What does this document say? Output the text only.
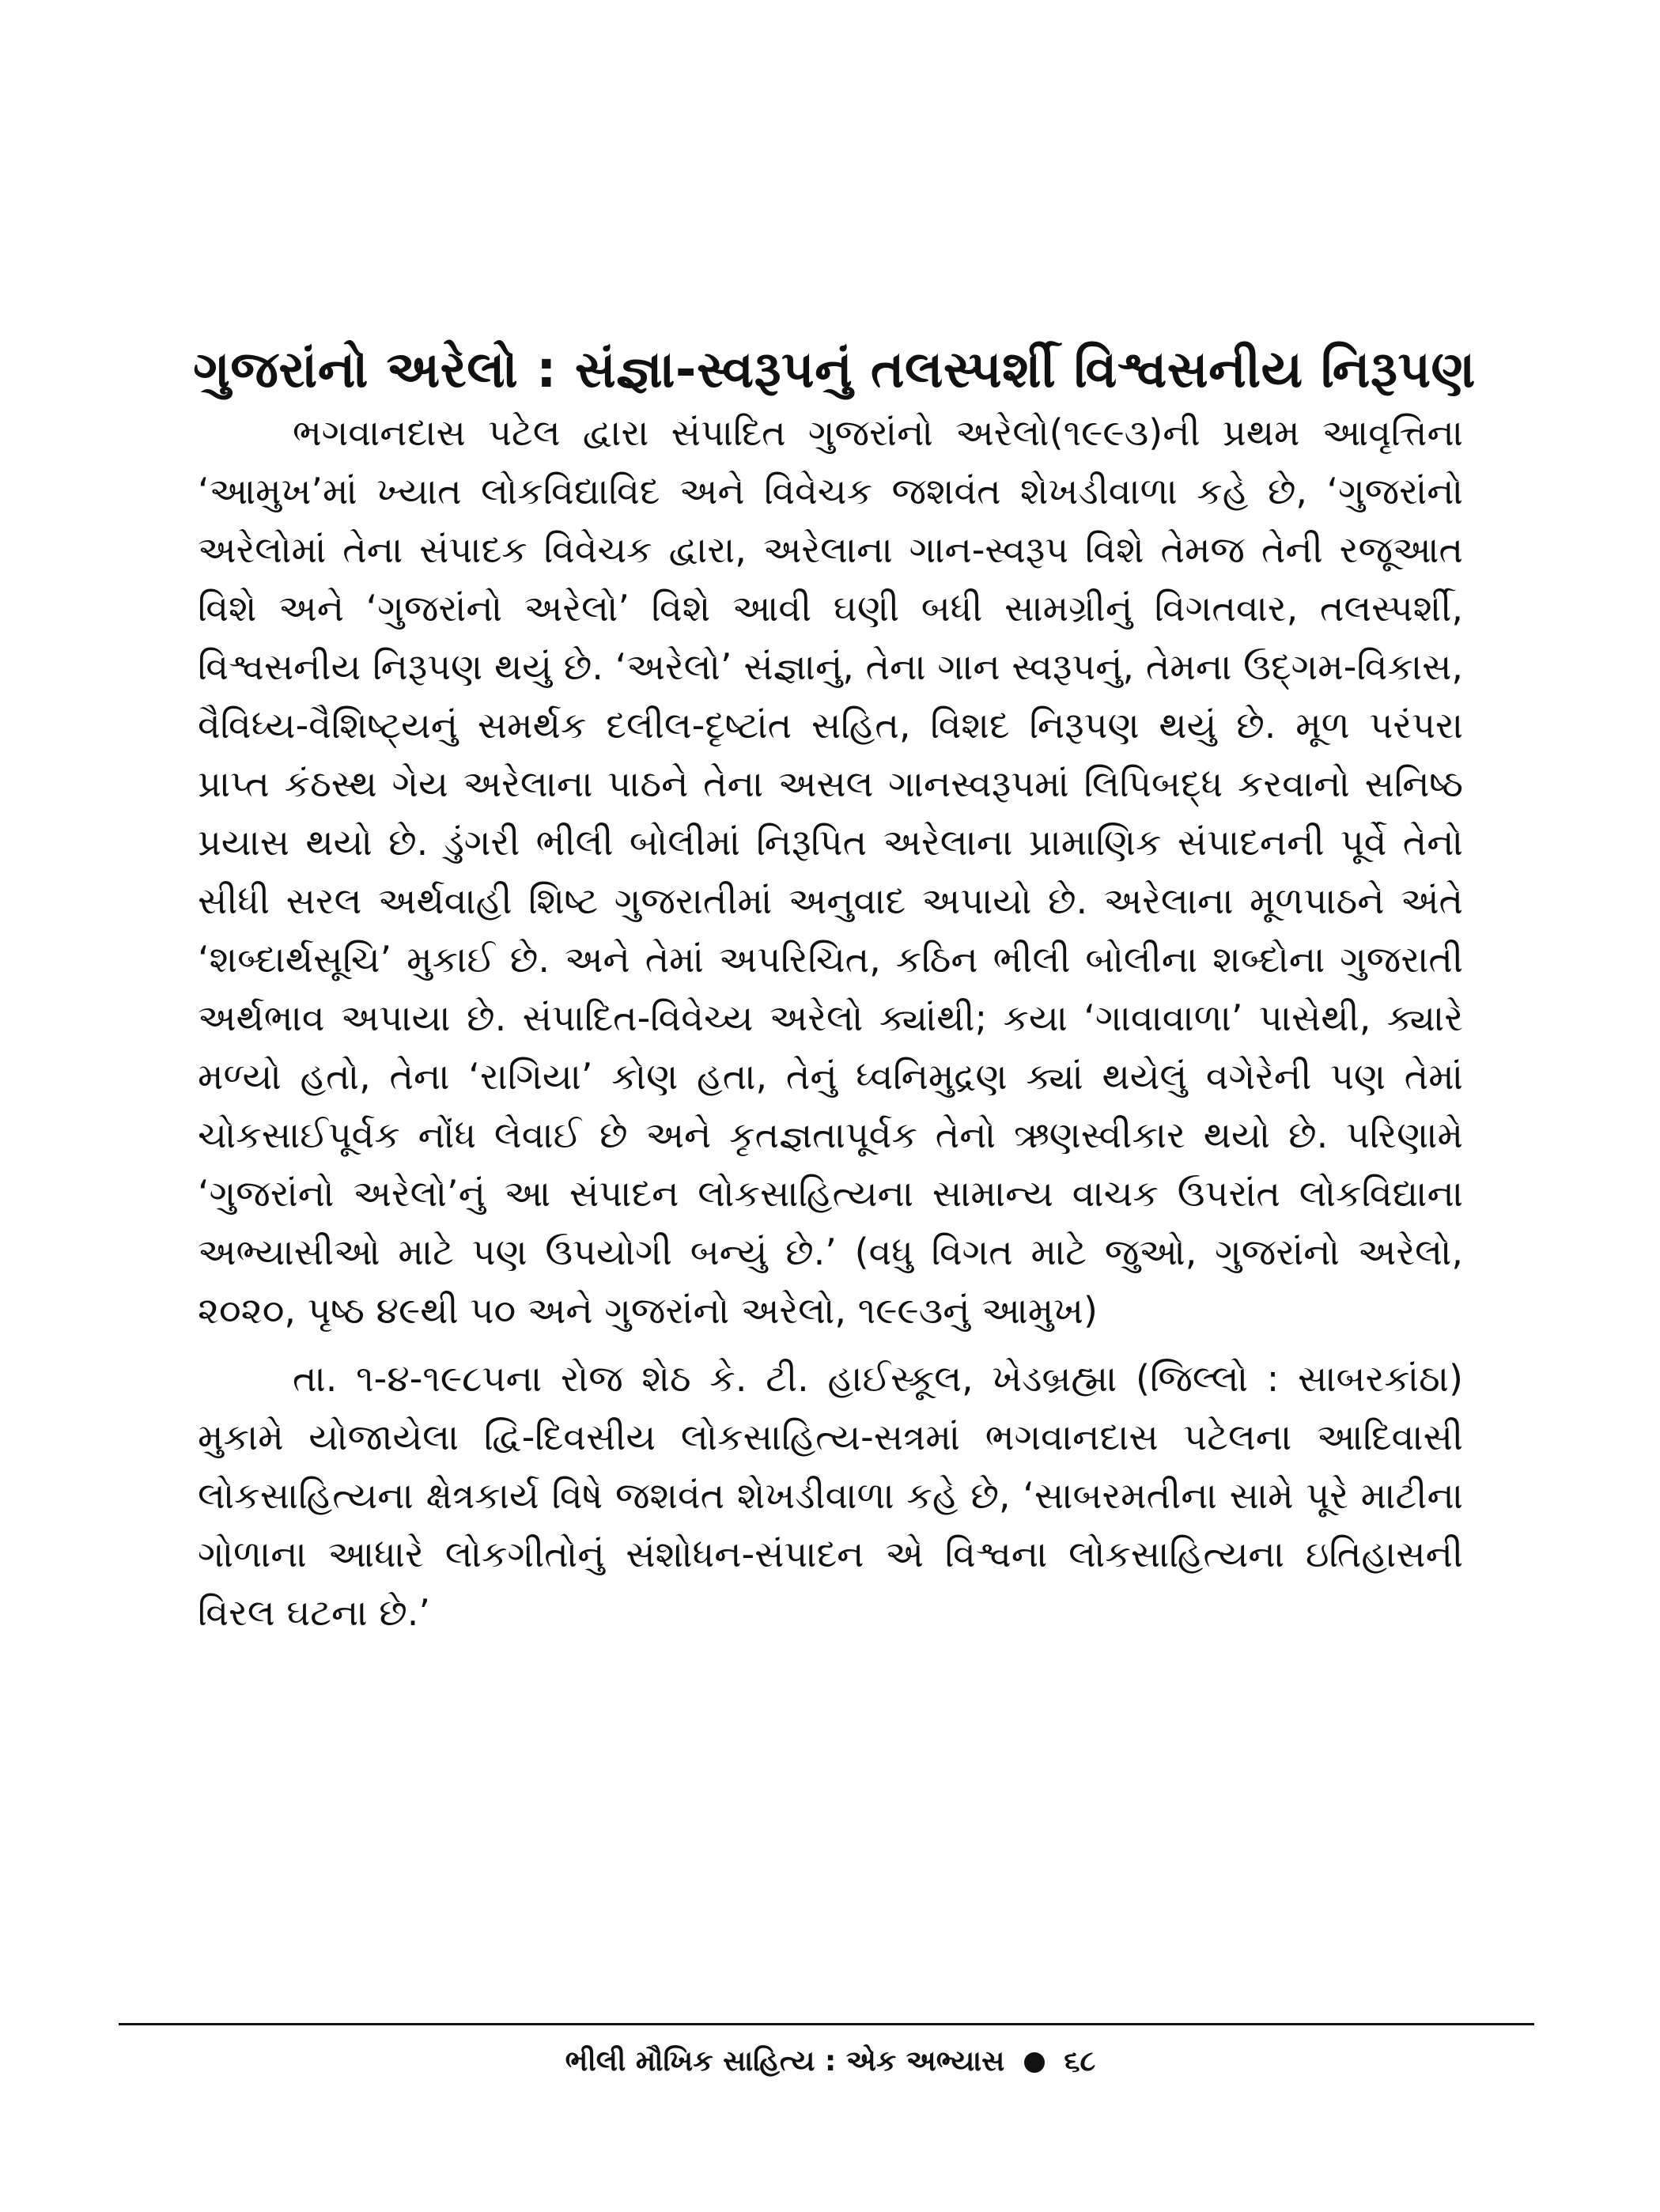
ગુજરાંનો અરેલો : સંજ્ઞા-સ્વરૂપનું તલસ્પર્શી વિશ્વસનીય નિરૂપણ

ભગવાનદાસ પટેલ દ્વારા સંપાદિત ગુજરાંનો અરેલો(૧૯૯૩)ની પ્રથમ આવૃત્તિના ‘આમુખ’માં ખ્યાત લોકવિદ્યાવિદ અને વિવેચક જશવંત શેખડીવાળા કહે છે, ‘ગુજરાંનો અરેલોમાં તેના સંપાદક વિવેચક દ્વારા, અરેલાના ગાન-સ્વરૂપ વિશે તેમજ તેની રજૂઆત વિશે અને ‘ગુજરાંનો અરેલો’ વિશે આવી ઘણી બધી સામગ્રીનું વિગતવાર, તલસ્પર્શી, વિશ્વસનીય નિરૂપણ થયું છે. ‘અરેલો’ સંજ્ઞાનું, તેના ગાન સ્વરૂપનું, તેમના ઉદ્‌ગમ-વિકાસ, વૈવિધ્ય-વૈશિષ્ટ્યનું સમર્થક દલીલ-દૃષ્ટાંત સહિત, વિશદ નિરૂપણ થયું છે. મૂળ પરંપરા પ્રાપ્ત કંઠસ્થ ગેય અરેલાના પાઠને તેના અસલ ગાનસ્વરૂપમાં લિપિબદ્ધ કરવાનો સનિષ્ઠ પ્રયાસ થયો છે. ડુંગરી ભીલી બોલીમાં નિરૂપિત અરેલાના પ્રામાણિક સંપાદનની પૂર્વે તેનો સીધી સરલ અર્થવાહી શિષ્ટ ગુજરાતીમાં અનુવાદ અપાયો છે. અરેલાના મૂળપાઠને અંતે ‘શબ્દાર્થસૂચિ’ મુકાઈ છે. અને તેમાં અપરિચિત, કઠિન ભીલી બોલીના શબ્દોના ગુજરાતી અર્થભાવ અપાયા છે. સંપાદિત-વિવેચ્ય અરેલો ક્યાંથી; કયા ‘ગાવાવાળા’ પાસેથી, ક્યારે મળ્યો હતો, તેના ‘રાગિયા’ કોણ હતા, તેનું ધ્વનિમુદ્રણ ક્યાં થયેલું વગેરેની પણ તેમાં ચોકસાઈપૂર્વક નોંધ લેવાઈ છે અને કૃતજ્ઞતાપૂર્વક તેનો ઋણસ્વીકાર થયો છે. પરિણામે ‘ગુજરાંનો અરેલો’નું આ સંપાદન લોકસાહિત્યના સામાન્ય વાચક ઉપરાંત લોકવિદ્યાના અભ્યાસીઓ માટે પણ ઉપયોગી બન્યું છે.’ (વધુ વિગત માટે જુઓ, ગુજરાંનો અરેલો, ૨૦૨૦, પૃષ્ઠ ૪૯થી ૫૦ અને ગુજરાંનો અરેલો, ૧૯૯૩નું આમુખ)

તા. ૧-૪-૧૯૮૫ના રોજ શેઠ કે. ટી. હાઈસ્કૂલ, ખેડબ્રહ્મા (જિલ્લો : સાબરકાંઠા) મુકામે યોજાયેલા દ્વિ-દિવસીય લોકસાહિત્ય-સત્રમાં ભગવાનદાસ પટેલના આદિવાસી લોકસાહિત્યના ક્ષેત્રકાર્ય વિષે જશવંત શેખડીવાળા કહે છે, ‘સાબરમતીના સામે પૂરે માટીના ગોળાના આધારે લોકગીતોનું સંશોધન-સંપાદન એ વિશ્વના લોકસાહિત્યના ઇતિહાસની વિરલ ઘટના છે.’

ભીલી મૌખિક સાહિત્ય : એક અભ્યાસ ૬૮
